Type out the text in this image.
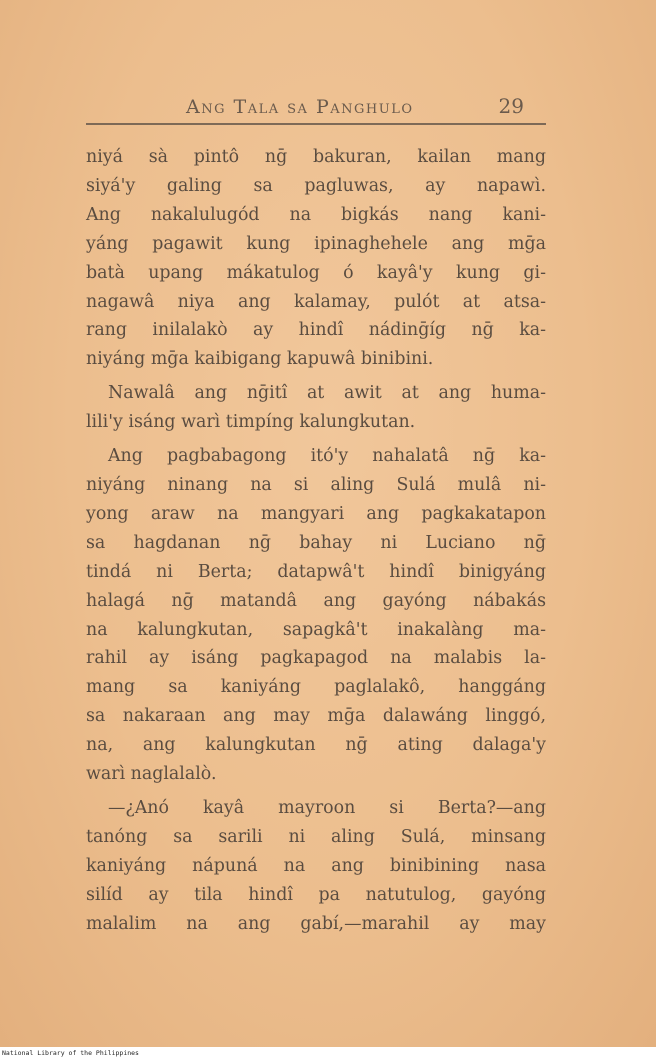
Ang Tala sa Panghulo	29

niyá sà pintô nḡ bakuran, kailan mang
siyá'y galing sa pagluwas, ay napawì.
Ang nakalulugód na bigkás nang kani-
yáng pagawit kung ipinaghehele ang mḡa
batà upang mákatulog ó kayâ'y kung gi-
nagawâ niya ang kalamay, pulót at atsa-
rang inilalakò ay hindî nádinḡíg nḡ ka-
niyáng mḡa kaibigang kapuwâ binibini.

Nawalâ ang nḡitî at awit at ang huma-
lili'y isáng warì timpíng kalungkutan.

Ang pagbabagong itó'y nahalatâ nḡ ka-
niyáng ninang na si aling Sulá mulâ ni-
yong araw na mangyari ang pagkakatapon
sa hagdanan nḡ bahay ni Luciano nḡ
tindá ni Berta; datapwâ't hindî binigyáng
halagá nḡ matandâ ang gayóng nábakás
na kalungkutan, sapagkâ't inakalàng ma-
rahil ay isáng pagkapagod na malabis la-
mang sa kaniyáng paglalakô, hanggáng
sa nakaraan ang may mḡa dalawáng linggó,
na, ang kalungkutan nḡ ating dalaga'y
warì naglalalò.

—¿Anó kayâ mayroon si Berta?—ang
tanóng sa sarili ni aling Sulá, minsang
kaniyáng nápuná na ang binibining nasa
silíd ay tila hindî pa natutulog, gayóng
malalim na ang gabí,—marahil ay may

National Library of the Philippines
